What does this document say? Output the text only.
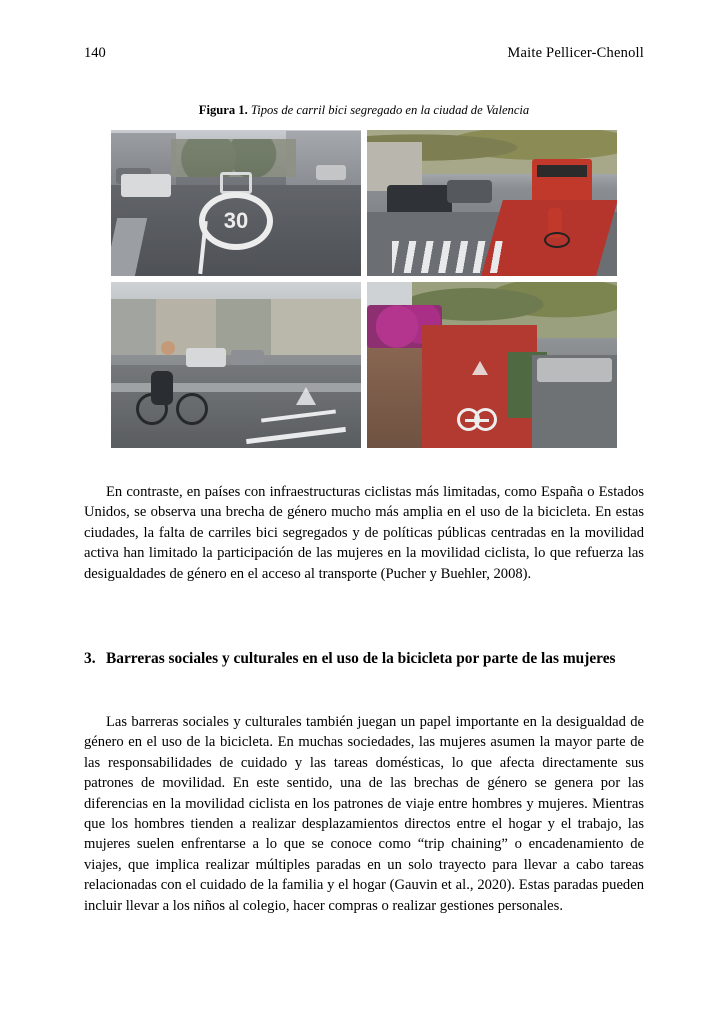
140	Maite Pellicer-Chenoll
Figura 1. Tipos de carril bici segregado en la ciudad de Valencia
30

En contraste, en países con infraestructuras ciclistas más limitadas, como España o Estados Unidos, se observa una brecha de género mucho más amplia en el uso de la bicicleta. En estas ciudades, la falta de carriles bici segregados y de políticas públicas centradas en la movilidad activa han limitado la participación de las mujeres en la movilidad ciclista, lo que refuerza las desigualdades de género en el acceso al transporte (Pucher y Buehler, 2008).

3. Barreras sociales y culturales en el uso de la bicicleta por parte de las mujeres

Las barreras sociales y culturales también juegan un papel importante en la desigualdad de género en el uso de la bicicleta. En muchas sociedades, las mujeres asumen la mayor parte de las responsabilidades de cuidado y las tareas domésticas, lo que afecta directamente sus patrones de movilidad. En este sentido, una de las brechas de género se genera por las diferencias en la movilidad ciclista en los patrones de viaje entre hombres y mujeres. Mientras que los hombres tienden a realizar desplazamientos directos entre el hogar y el trabajo, las mujeres suelen enfrentarse a lo que se conoce como “trip chaining” o encadenamiento de viajes, que implica realizar múltiples paradas en un solo trayecto para llevar a cabo tareas relacionadas con el cuidado de la familia y el hogar (Gauvin et al., 2020). Estas paradas pueden incluir llevar a los niños al colegio, hacer compras o realizar gestiones personales.
